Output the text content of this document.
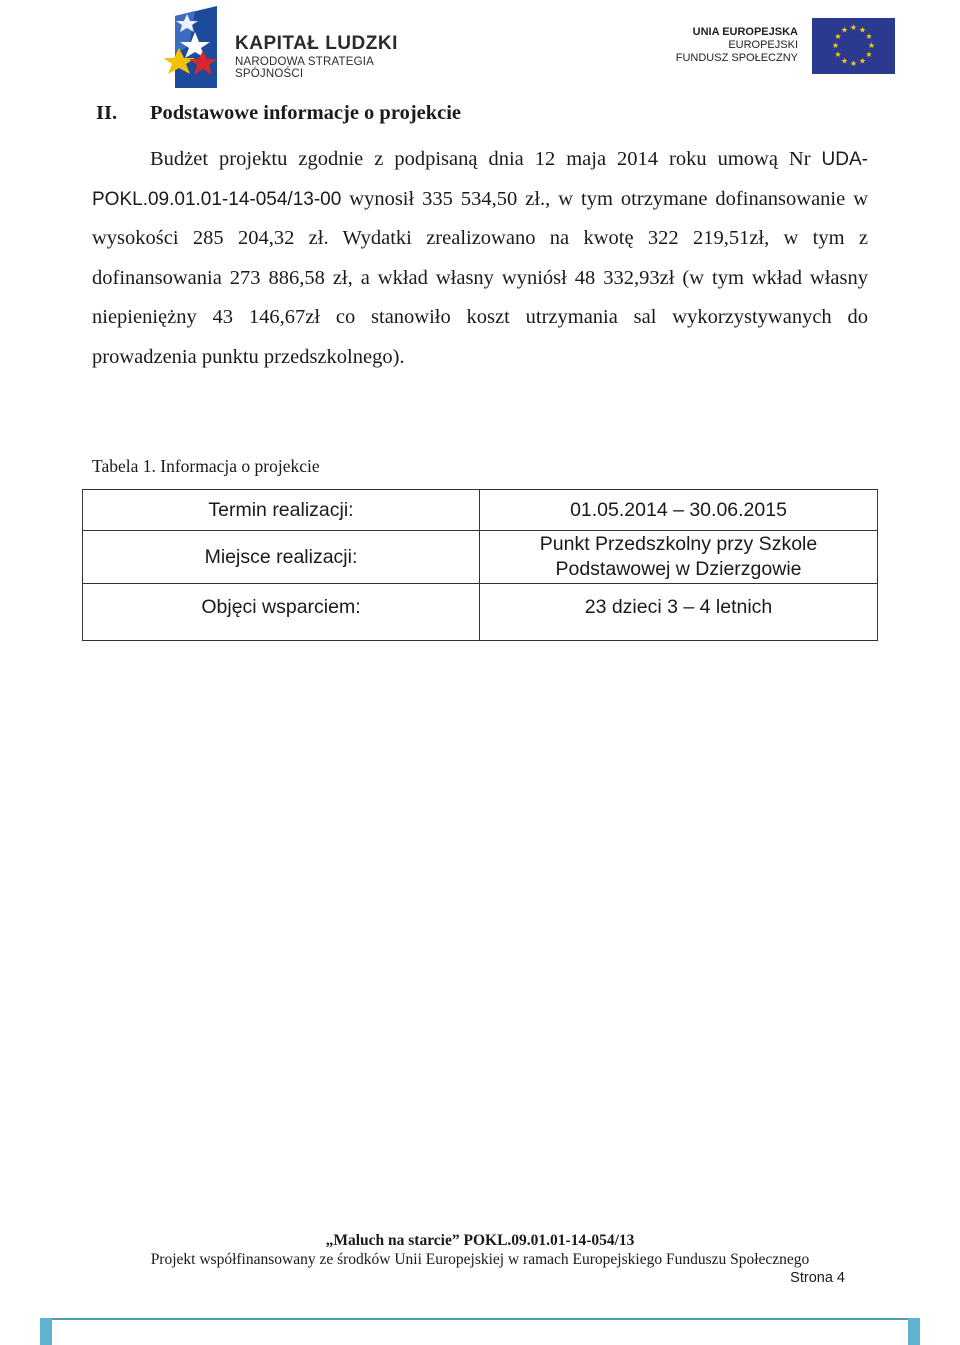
KAPITAŁ LUDZKI
NARODOWA STRATEGIA SPÓJNOŚCI
UNIA EUROPEJSKA
EUROPEJSKI
FUNDUSZ SPOŁECZNY
★ ★
★
★
★
★
★
★
★
★
★
★
II. Podstawowe informacje o projekcie
Budżet projektu zgodnie z podpisaną dnia 12 maja 2014 roku umową Nr UDA-POKL.09.01.01-14-054/13-00 wynosił 335 534,50 zł., w tym otrzymane dofinansowanie w wysokości 285 204,32 zł. Wydatki zrealizowano na kwotę 322 219,51zł, w tym z dofinansowania 273 886,58 zł, a wkład własny wyniósł 48 332,93zł (w tym wkład własny niepieniężny 43 146,67zł co stanowiło koszt utrzymania sal wykorzystywanych do prowadzenia punktu przedszkolnego).
Tabela 1. Informacja o projekcie
Termin realizacji:	01.05.2014 – 30.06.2015
Miejsce realizacji:	Punkt Przedszkolny przy Szkole
Podstawowej w Dzierzgowie

Objęci wsparciem:	23 dzieci 3 – 4 letnich
„Maluch na starcie” POKL.09.01.01-14-054/13
Projekt współfinansowany ze środków Unii Europejskiej w ramach Europejskiego Funduszu Społecznego
Strona 4
